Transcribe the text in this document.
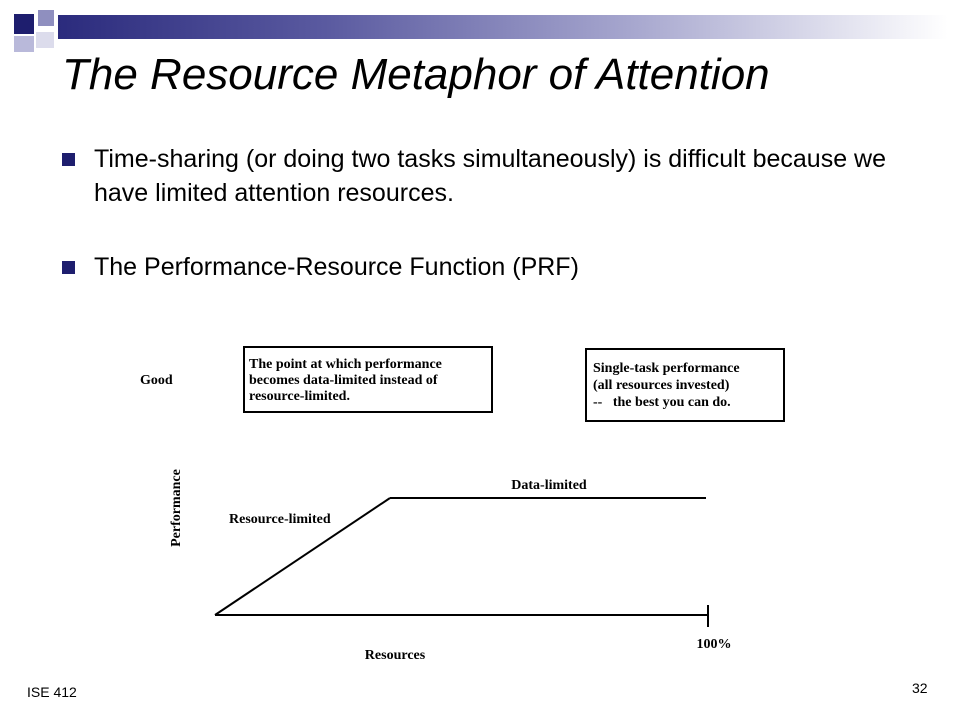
The Resource Metaphor of Attention
Time-sharing (or doing two tasks simultaneously) is difficult because we have limited attention resources.
The Performance-Resource Function (PRF)
Good
Performance	Resource-limited
Data-limited
Resources
100%
The point at which performance
becomes data-limited instead of
resource-limited.
Single-task performance
(all resources invested)
--   the best you can do.
ISE 412	32
